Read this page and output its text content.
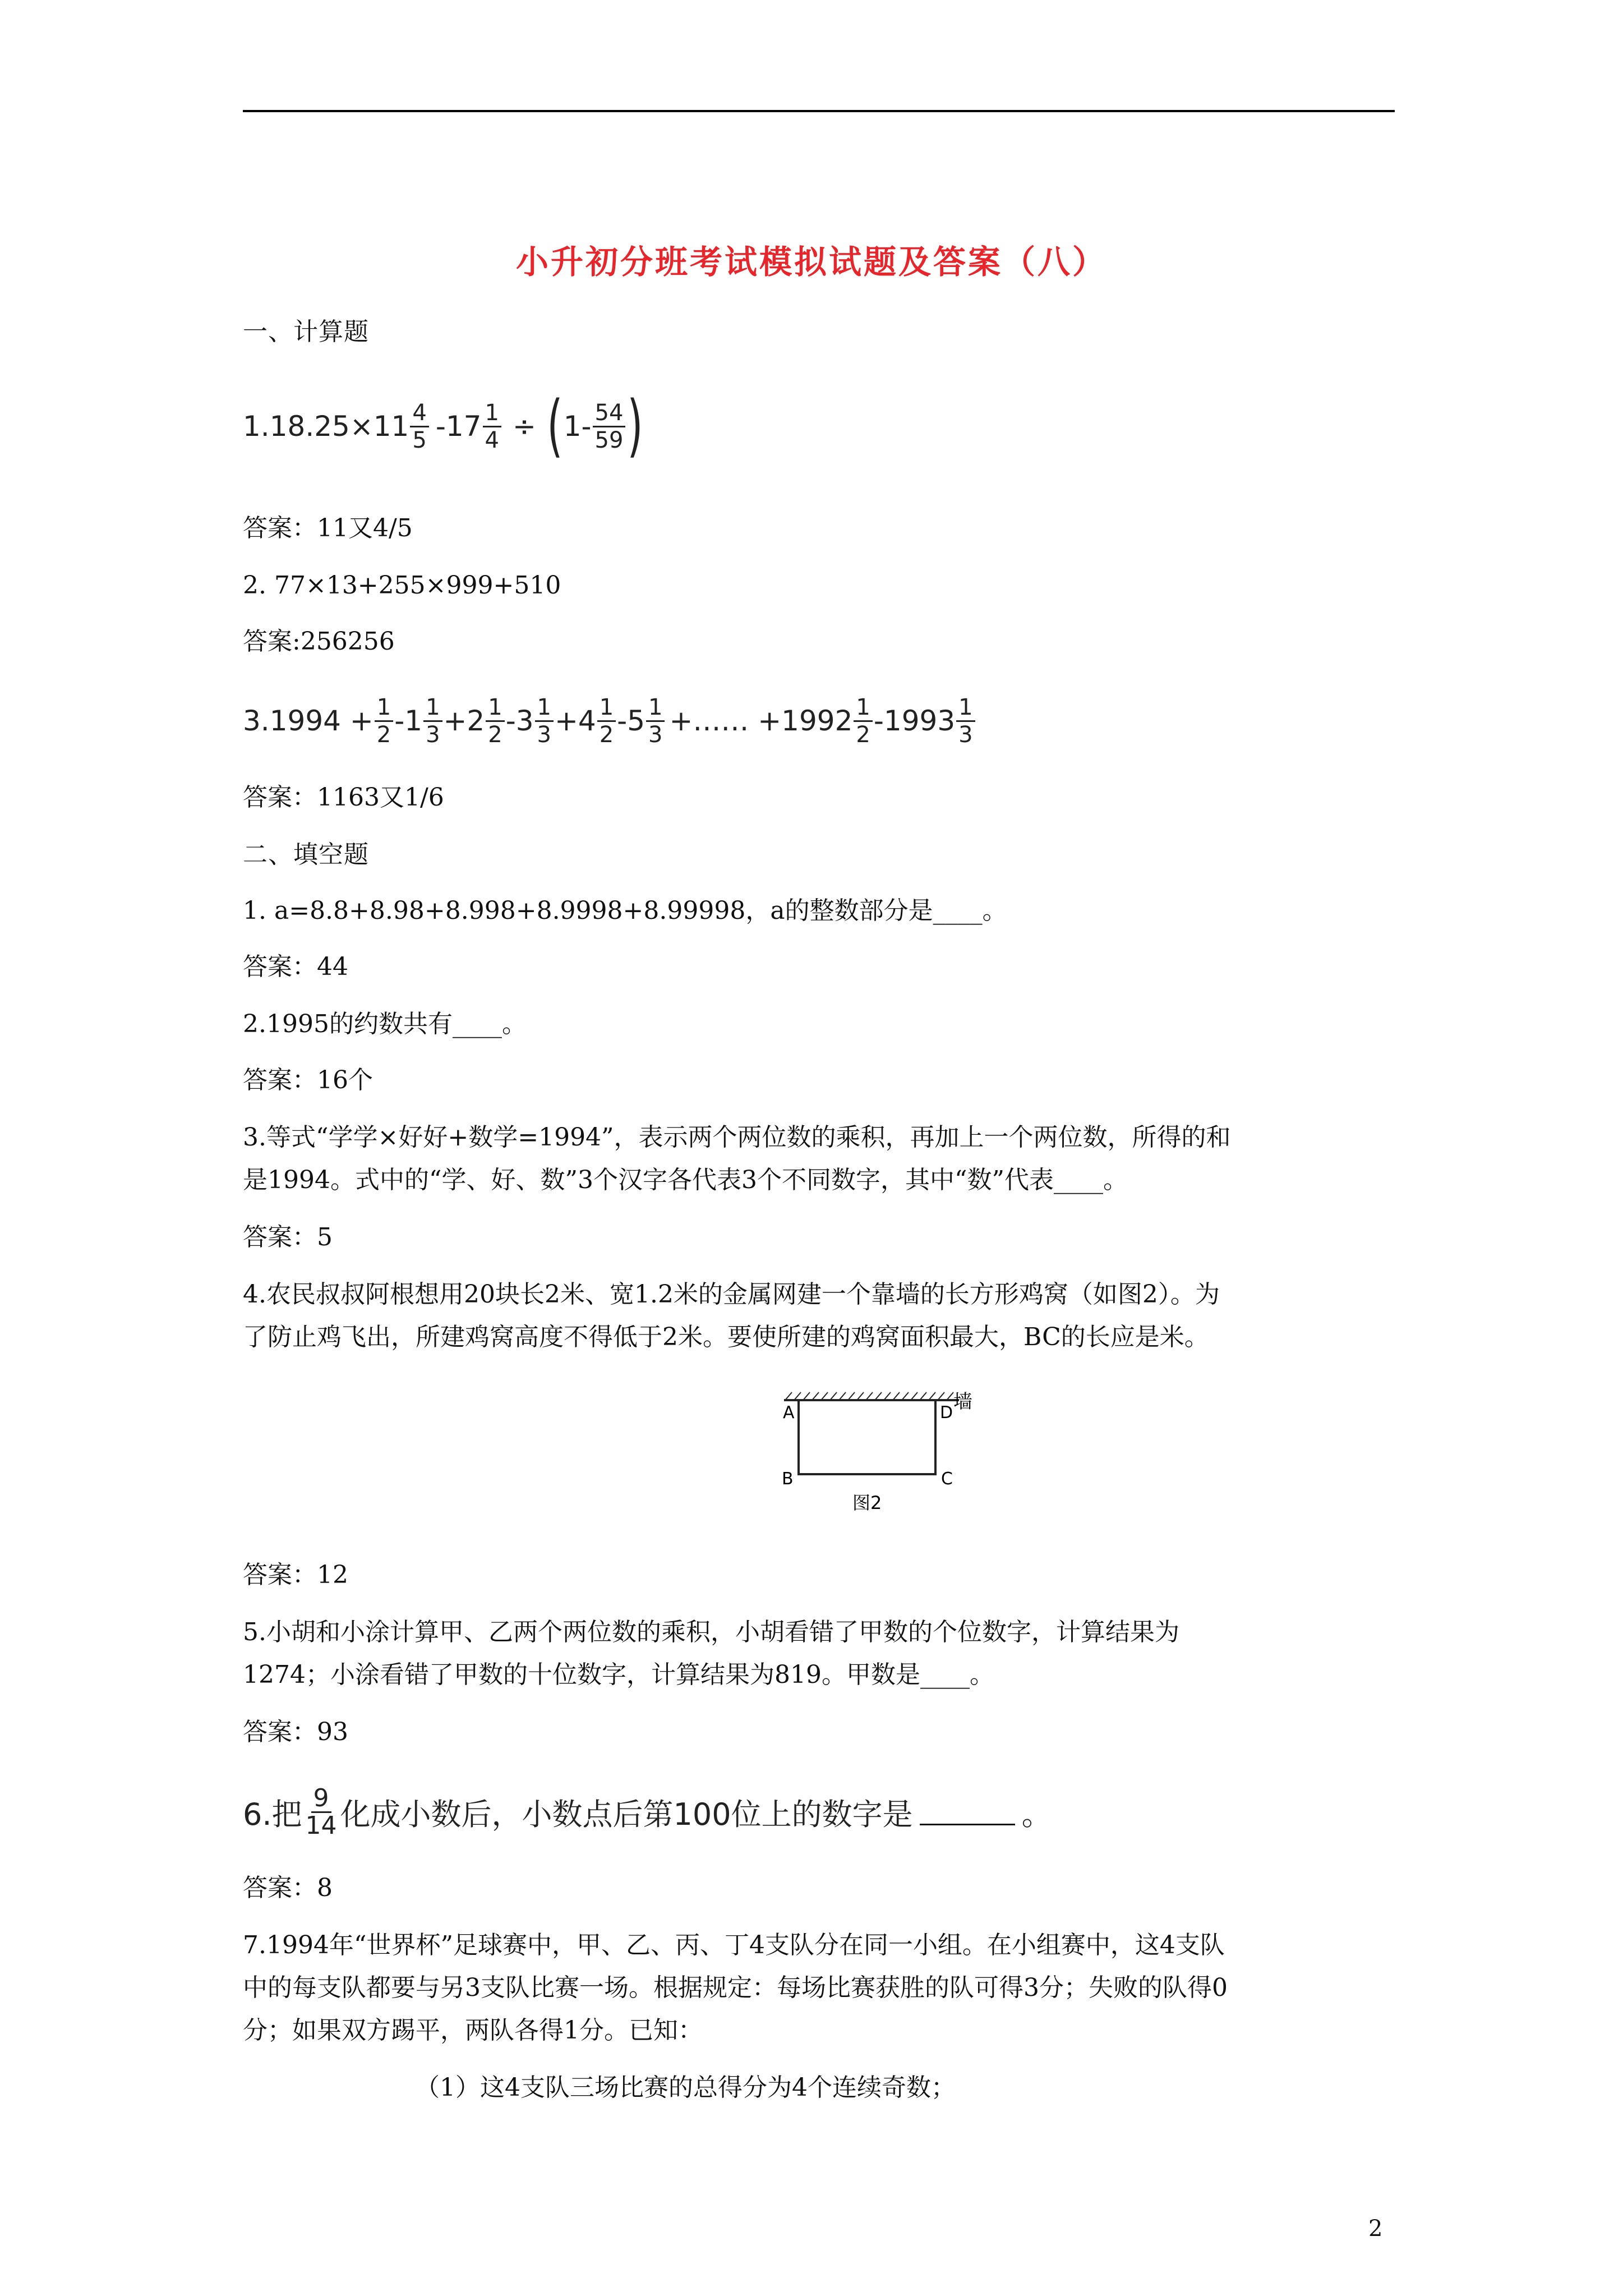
小升初分班考试模拟试题及答案（八）
一、计算题
$1.18.25\times 11 \frac{4}{5} -17 \frac{1}{4}$ ÷ ( $1- \frac{54}{59}$ )
答案：11又4/5
2. 77×13+255×999+510
答案:256256
$3.1994 + \frac{1}{2} -1 \frac{1}{3} +2 \frac{1}{2} -3 \frac{1}{3} +4 \frac{1}{2} -5 \frac{1}{3}$ +…… $+1992 \frac{1}{2} -1993 \frac{1}{3}$
答案：1163又1/6
二、填空题
1. a=8.8+8.98+8.998+8.9998+8.99998，a的整数部分是____。
答案：44
2.1995的约数共有____。
答案：16个
3.等式“学学×好好+数学=1994”，表示两个两位数的乘积，再加上一个两位数，所得的和
是1994。式中的“学、好、数”3个汉字各代表3个不同数字，其中“数”代表____。
答案：5
4.农民叔叔阿根想用20块长2米、宽1.2米的金属网建一个靠墙的长方形鸡窝（如图2）。为
了防止鸡飞出，所建鸡窝高度不得低于2米。要使所建的鸡窝面积最大，BC的长应是米。
A	D 墙
B	C
图2
答案：12
5.小胡和小涂计算甲、乙两个两位数的乘积，小胡看错了甲数的个位数字，计算结果为
1274；小涂看错了甲数的十位数字，计算结果为819。甲数是____。
答案：93
6.把 $\frac{9}{14}$ 化成小数后，小数点后第100位上的数字是	。
答案：8
7.1994年“世界杯”足球赛中，甲、乙、丙、丁4支队分在同一小组。在小组赛中，这4支队
中的每支队都要与另3支队比赛一场。根据规定：每场比赛获胜的队可得3分；失败的队得0
分；如果双方踢平，两队各得1分。已知：
（1）这4支队三场比赛的总得分为4个连续奇数；
2
